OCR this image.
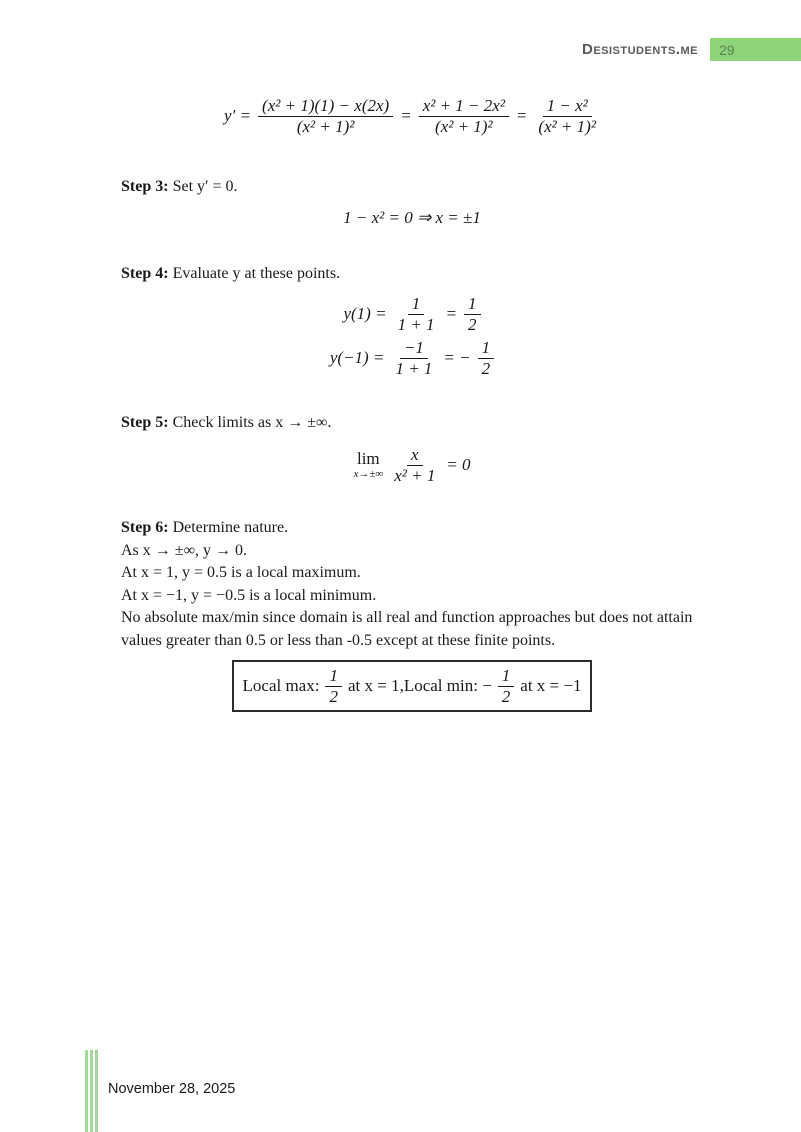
Desistudents.me 29
$y' = \frac{\text{(x² + 1)(1) − x(2x)}}{\text{(x² + 1)²}} = \frac{\text{x² + 1 − 2x²}}{\text{(x² + 1)²}} = \frac{\text{1 − x²}}{\text{(x² + 1)²}}$
Step 3: Set y′ = 0.
1 − x² = 0 ⇒ x = ±1
Step 4: Evaluate y at these points.
$y(1) = \frac{1}{1 + 1} = \frac{1}{2}$
$y(-1) = \frac{-1}{1 + 1}$ = − $\frac{1}{2}$
Step 5: Check limits as x → ±∞.
lim
$x\to\pm\infty \frac{x}{\text{x² + 1}} = 0$
Step 6: Determine nature.
As x → ±∞, y → 0.
At x = 1, y = 0.5 is a local maximum.
At x = −1, y = −0.5 is a local minimum.
No absolute max/min since domain is all real and function approaches but does not attain values greater than 0.5 or less than -0.5 except at these finite points.
Local max: $\frac{1}{2}$ at x = 1,Local min: − $\frac{1}{2}$ at x = −1
November 28, 2025
